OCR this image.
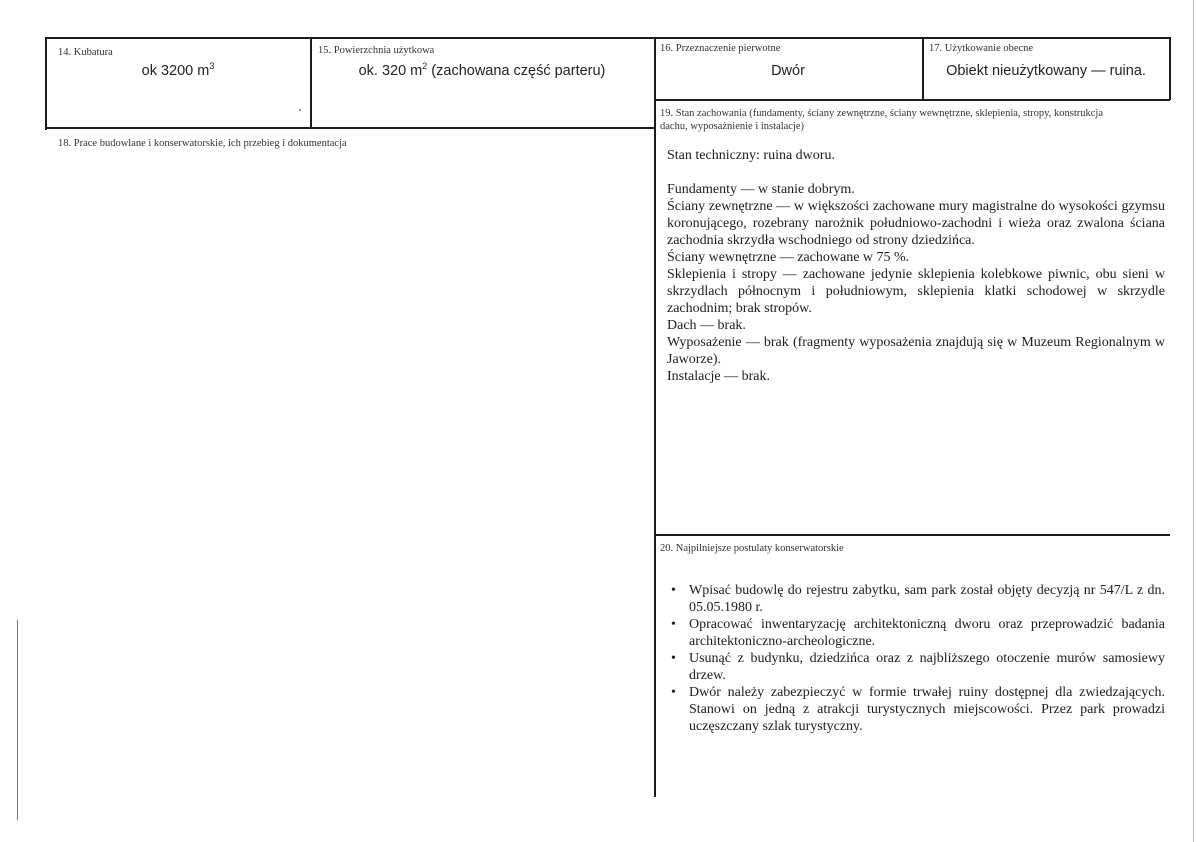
14. Kubatura
ok 3200 $m^3$
15. Powierzchnia użytkowa
ok. 320 $m^2$ (zachowana część parteru)
16. Przeznaczenie pierwotne
Dwór
17. Użytkowanie obecne
Obiekt nieużytkowany — ruina.
18. Prace budowlane i konserwatorskie, ich przebieg i dokumentacja
19. Stan zachowania (fundamenty, ściany zewnętrzne, ściany wewnętrzne, sklepienia, stropy, konstrukcja
dachu, wyposażnienie i instalacje)

Stan techniczny: ruina dworu.

Fundamenty — w stanie dobrym.

Ściany zewnętrzne — w większości zachowane mury magistralne do wysokości gzymsu koronującego, rozebrany narożnik południowo-zachodni i wieża oraz zwalona ściana zachodnia skrzydła wschodniego od strony dziedzińca.

Ściany wewnętrzne — zachowane w 75 %.

Sklepienia i stropy — zachowane jedynie sklepienia kolebkowe piwnic, obu sieni w skrzydlach północnym i południowym, sklepienia klatki schodowej w skrzydle zachodnim; brak stropów.

Dach — brak.

Wyposażenie — brak (fragmenty wyposażenia znajdują się w Muzeum Regionalnym w Jaworze).

Instalacje — brak.

20. Najpilniejsze postulaty konserwatorskie
• Wpisać budowlę do rejestru zabytku, sam park został objęty decyzją nr 547/L z dn. 05.05.1980 r.
• Opracować inwentaryzację architektoniczną dworu oraz przeprowadzić badania architektoniczno-archeologiczne.
• Usunąć z budynku, dziedzińca oraz z najbliższego otoczenie murów samosiewy drzew.
• Dwór należy zabezpieczyć w formie trwałej ruiny dostępnej dla zwiedzających. Stanowi on jedną z atrakcji turystycznych miejscowości. Przez park prowadzi uczęszczany szlak turystyczny.
